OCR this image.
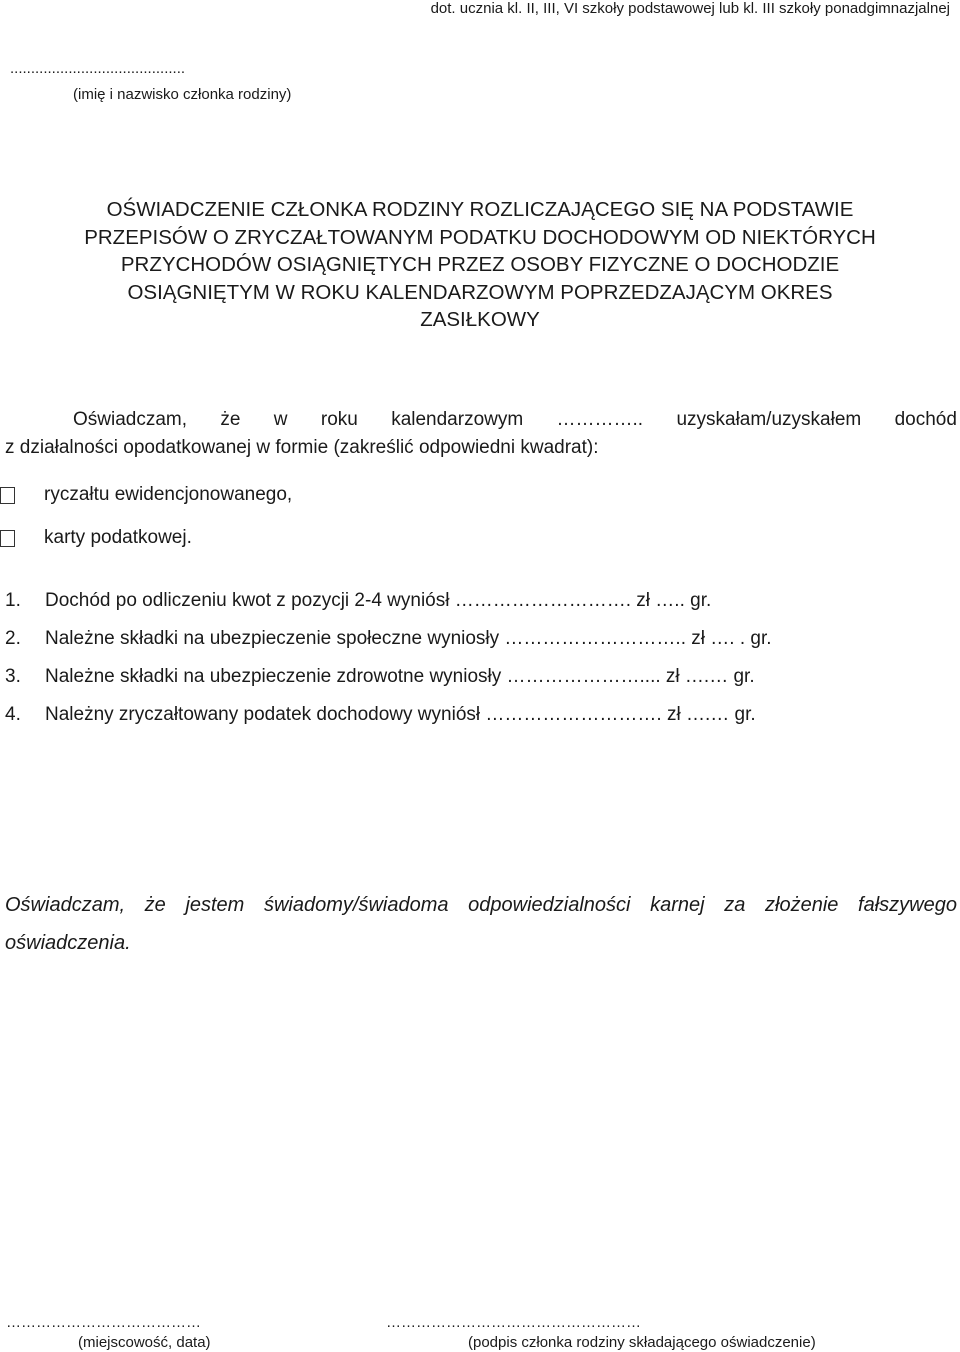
dot. ucznia kl. II, III, VI szkoły podstawowej lub kl. III szkoły ponadgimnazjalnej
..........................................
(imię i nazwisko członka rodziny)
OŚWIADCZENIE CZŁONKA RODZINY ROZLICZAJĄCEGO SIĘ NA PODSTAWIE
PRZEPISÓW O ZRYCZAŁTOWANYM PODATKU DOCHODOWYM OD NIEKTÓRYCH
PRZYCHODÓW OSIĄGNIĘTYCH PRZEZ OSOBY FIZYCZNE O DOCHODZIE
OSIĄGNIĘTYM W ROKU KALENDARZOWYM POPRZEDZAJĄCYM OKRES
ZASIŁKOWY
Oświadczam, że w roku kalendarzowym ………….. uzyskałam/uzyskałem dochód
z działalności opodatkowanej w formie (zakreślić odpowiedni kwadrat):
ryczałtu ewidencjonowanego,
karty podatkowej.
1. Dochód po odliczeniu kwot z pozycji 2-4 wyniósł ………………………. zł ….. gr.
2. Należne składki na ubezpieczenie społeczne wyniosły ……………………….. zł …. . gr.
3. Należne składki na ubezpieczenie zdrowotne wyniosły ………………….... zł ….… gr.
4. Należny zryczałtowany podatek dochodowy wyniósł ………………………. zł ….… gr.
Oświadczam, że jestem świadomy/świadoma odpowiedzialności karnej za złożenie fałszywego
oświadczenia.
…………………………………
(miejscowość, data)
……………………………………………
(podpis członka rodziny składającego oświadczenie)
